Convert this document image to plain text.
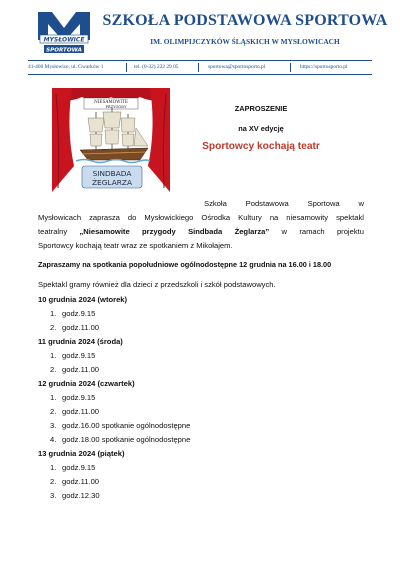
MYSŁOWICE
SPORTOWA
SZKOŁA PODSTAWOWA SPORTOWA
IM. OLIMPIJCZYKÓW ŚLĄSKICH W MYSŁOWICACH
41-400 Mysłowice, ul. Gwarków 1	tel. (0-32) 222 29 05	sportowa@sportosporto.pl	https://sportosporto.pl
NIESAMOWITE
PRZYGODY
SINDBADA
ŻEGLARZA
ZAPROSZENIE
na XV edycję
Sportowcy kochają teatr
Szkoła Podstawowa Sportowa w
Mysłowicach zaprasza do Mysłowickiego Ośrodka Kultury na niesamowity spektakl
teatralny „Niesamowite przygody Sindbada Żeglarza” w ramach projektu
Sportowcy kochają teatr wraz ze spotkaniem z Mikołajem.
Zapraszamy na spotkania popołudniowe ogólnodostępne 12 grudnia na 16.00 i 18.00
Spektakl gramy również dla dzieci z przedszkoli i szkół podstawowych.
10 grudnia 2024 (wtorek)
1. godz.9.15
2. godz.11.00
11 grudnia 2024 (środa)
1. godz.9.15
2. godz.11.00
12 grudnia 2024 (czwartek)
1. godz.9.15
2. godz.11.00
3. godz.16.00 spotkanie ogólnodostępne
4. godz.18.00 spotkanie ogólnodostępne
13 grudnia 2024 (piątek)
1. godz.9.15
2. godz.11.00
3. godz.12.30
